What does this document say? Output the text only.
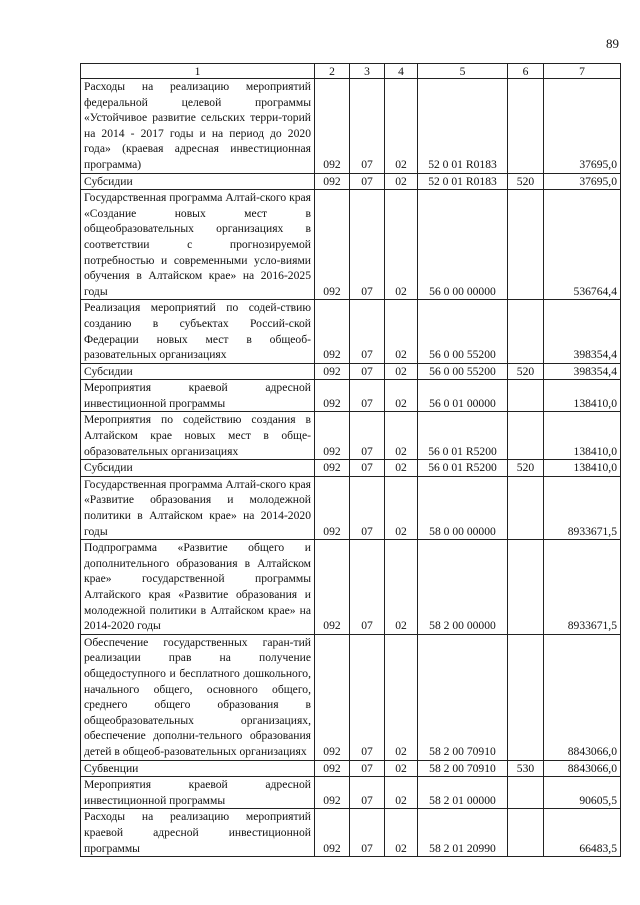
89
1	2	3	4	5	6	7
Расходы на реализацию мероприятий федеральной целевой программы «Устойчивое развитие сельских терри-торий на 2014 - 2017 годы и на период до 2020 года» (краевая адресная инвестиционная программа)	092	07	02	52 0 01 R0183		37695,0
Субсидии	092	07	02	52 0 01 R0183	520	37695,0
Государственная программа Алтай-ского края «Создание новых мест в общеобразовательных организациях в соответствии с прогнозируемой потребностью и современными усло-виями обучения в Алтайском крае» на 2016-2025 годы	092	07	02	56 0 00 00000		536764,4
Реализация мероприятий по содей-ствию созданию в субъектах Россий-ской Федерации новых мест в общеоб-разовательных организациях	092	07	02	56 0 00 55200		398354,4
Субсидии	092	07	02	56 0 00 55200	520	398354,4
Мероприятия краевой адресной инвестиционной программы	092	07	02	56 0 01 00000		138410,0
Мероприятия по содействию создания в Алтайском крае новых мест в обще-образовательных организациях	092	07	02	56 0 01 R5200		138410,0
Субсидии	092	07	02	56 0 01 R5200	520	138410,0
Государственная программа Алтай-ского края «Развитие образования и молодежной политики в Алтайском крае» на 2014-2020 годы	092	07	02	58 0 00 00000		8933671,5
Подпрограмма «Развитие общего и дополнительного образования в Алтайском крае» государственной программы Алтайского края «Развитие образования и молодежной политики в Алтайском крае» на 2014-2020 годы	092	07	02	58 2 00 00000		8933671,5
Обеспечение государственных гаран-тий реализации прав на получение общедоступного и бесплатного дошкольного, начального общего, основного общего, среднего общего образования в общеобразовательных организациях, обеспечение дополни-тельного образования детей в общеоб-разовательных организациях	092	07	02	58 2 00 70910		8843066,0
Субвенции	092	07	02	58 2 00 70910	530	8843066,0
Мероприятия краевой адресной инвестиционной программы	092	07	02	58 2 01 00000		90605,5
Расходы на реализацию мероприятий краевой адресной инвестиционной программы	092	07	02	58 2 01 20990		66483,5
